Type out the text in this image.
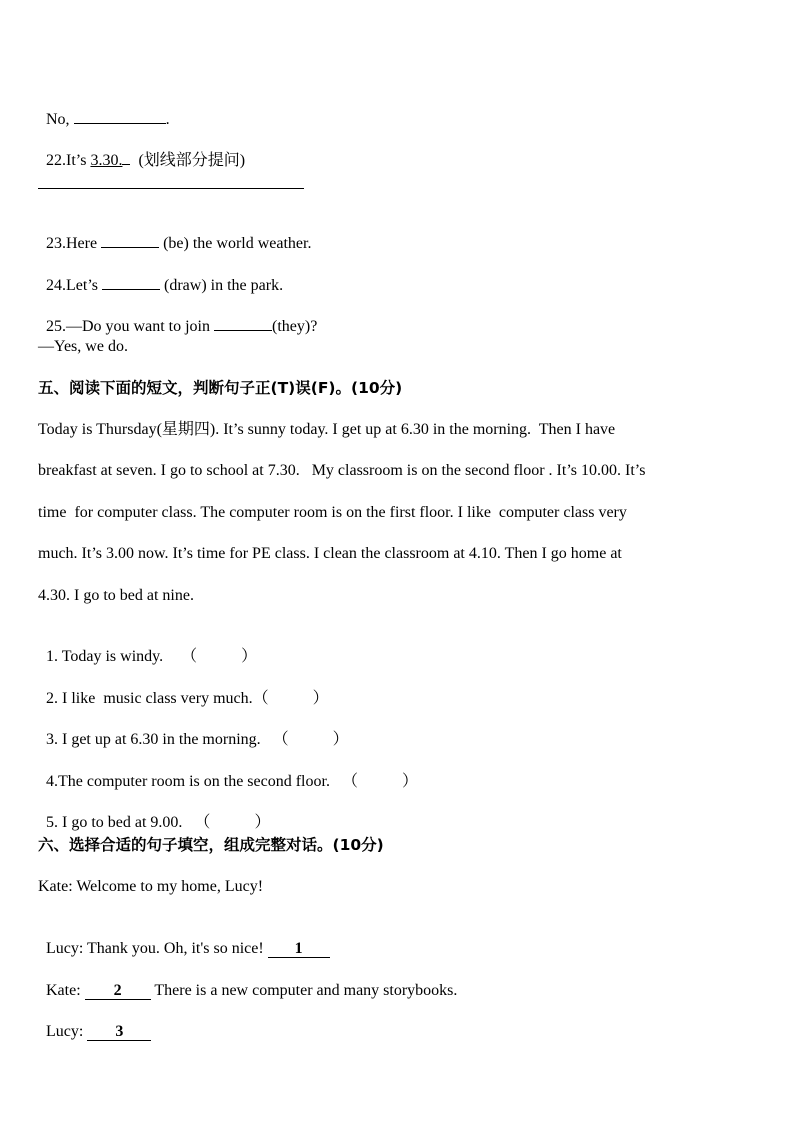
No,	.

22.It’s 3.30.  (划线部分提问)

23.Here	(be) the world weather.

24.Let’s	(draw) in the park.

25.—Do you want to join	(they)?

—Yes, we do.
五、阅读下面的短文，判断句子正(T)误(F)。(10分)
Today is Thursday(星期四). It’s sunny today. I get up at 6.30 in the morning.  Then I have
breakfast at seven. I go to school at 7.30.   My classroom is on the second floor . It’s 10.00. It’s
time  for computer class. The computer room is on the first floor. I like  computer class very
much. It’s 3.00 now. It’s time for PE class. I clean the classroom at 4.10. Then I go home at
4.30. I go to bed at nine.

1. Today is windy. （	）

2. I like  music class very much.（	）

3. I get up at 6.30 in the morning. （	）

4.The computer room is on the second floor. （	）

5. I go to bed at 9.00. （	）

六、选择合适的句子填空，组成完整对话。(10分)
Kate: Welcome to my home, Lucy!

Lucy: Thank you. Oh, it's so nice! 1

Kate: 2 There is a new computer and many storybooks.

Lucy: 3
